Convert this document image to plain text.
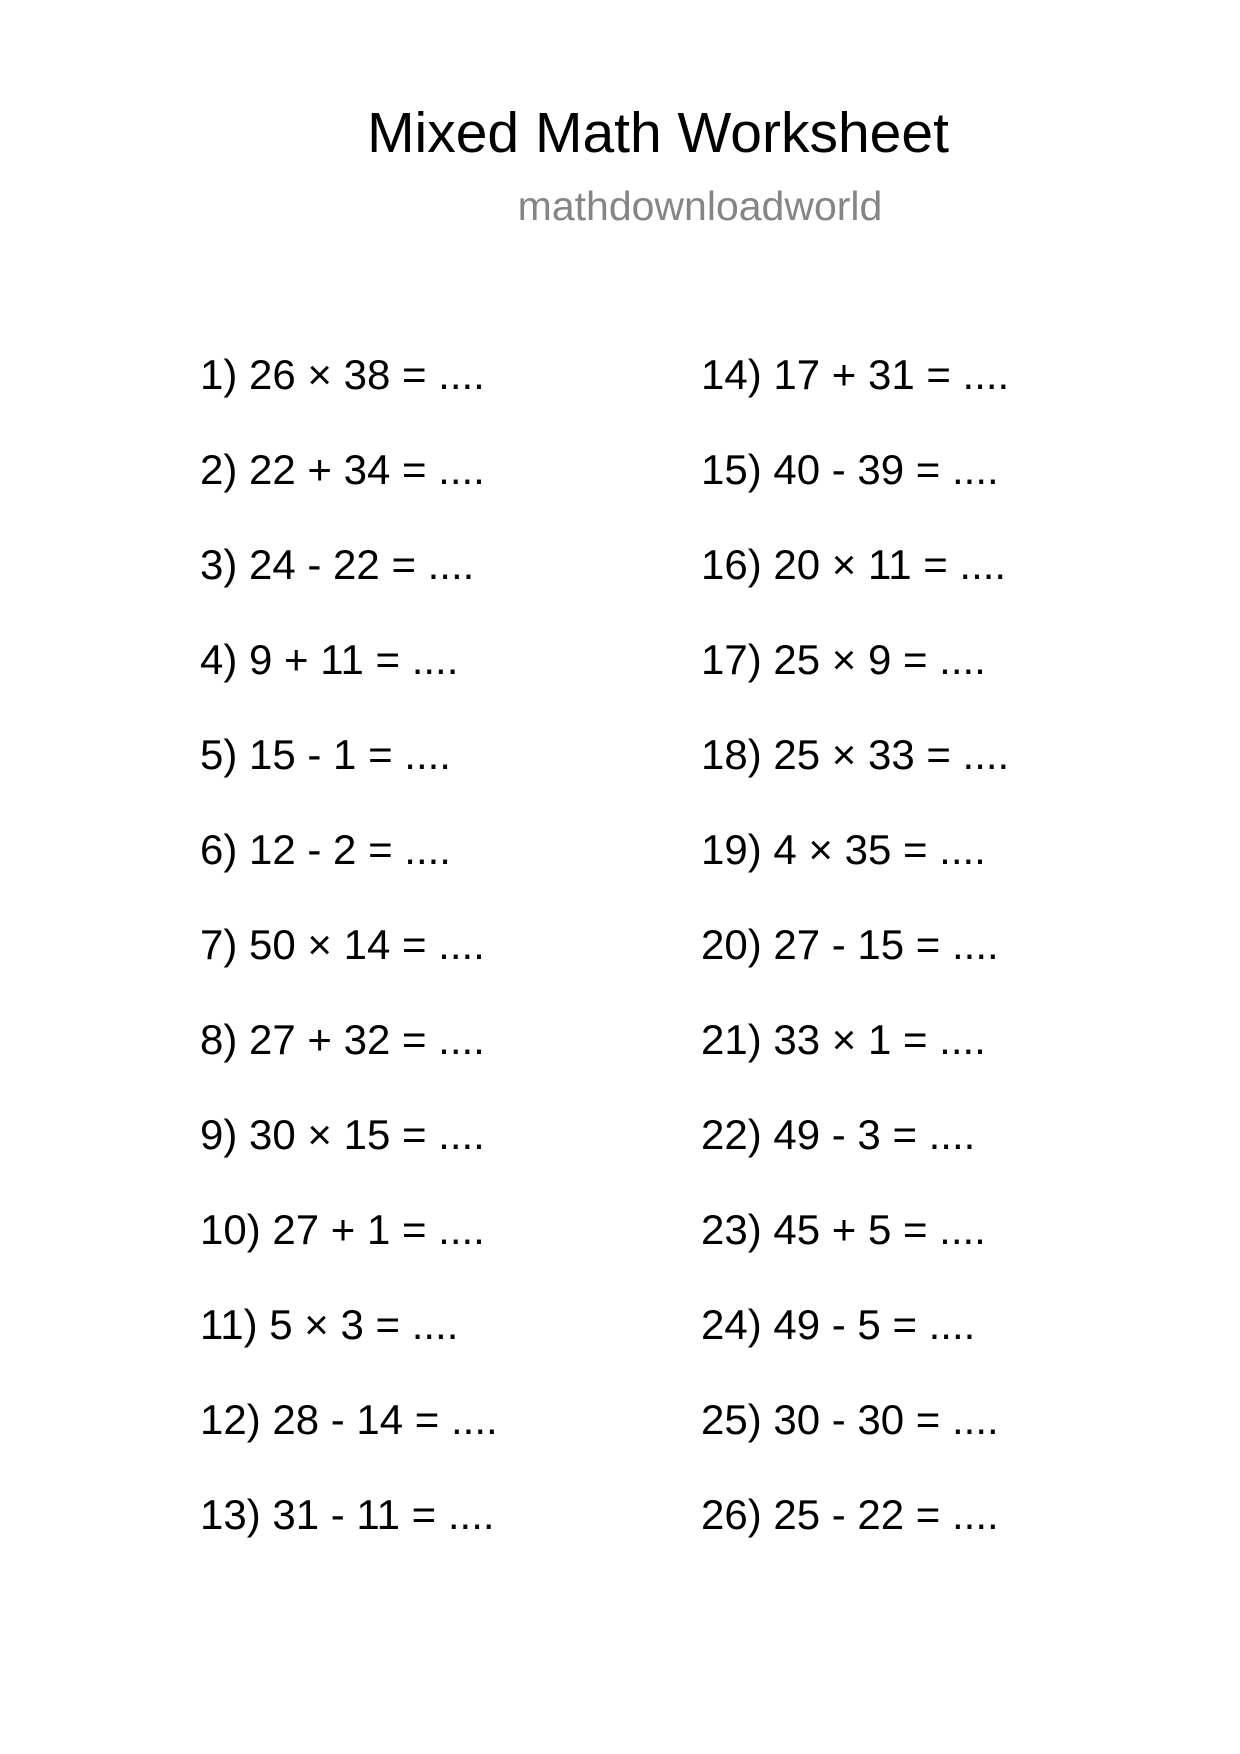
Mixed Math Worksheet
mathdownloadworld
1) 26 × 38 = ....
2) 22 + 34 = ....
3) 24 - 22 = ....
4) 9 + 11 = ....
5) 15 - 1 = ....
6) 12 - 2 = ....
7) 50 × 14 = ....
8) 27 + 32 = ....
9) 30 × 15 = ....
10) 27 + 1 = ....
11) 5 × 3 = ....
12) 28 - 14 = ....
13) 31 - 11 = ....
14) 17 + 31 = ....
15) 40 - 39 = ....
16) 20 × 11 = ....
17) 25 × 9 = ....
18) 25 × 33 = ....
19) 4 × 35 = ....
20) 27 - 15 = ....
21) 33 × 1 = ....
22) 49 - 3 = ....
23) 45 + 5 = ....
24) 49 - 5 = ....
25) 30 - 30 = ....
26) 25 - 22 = ....
